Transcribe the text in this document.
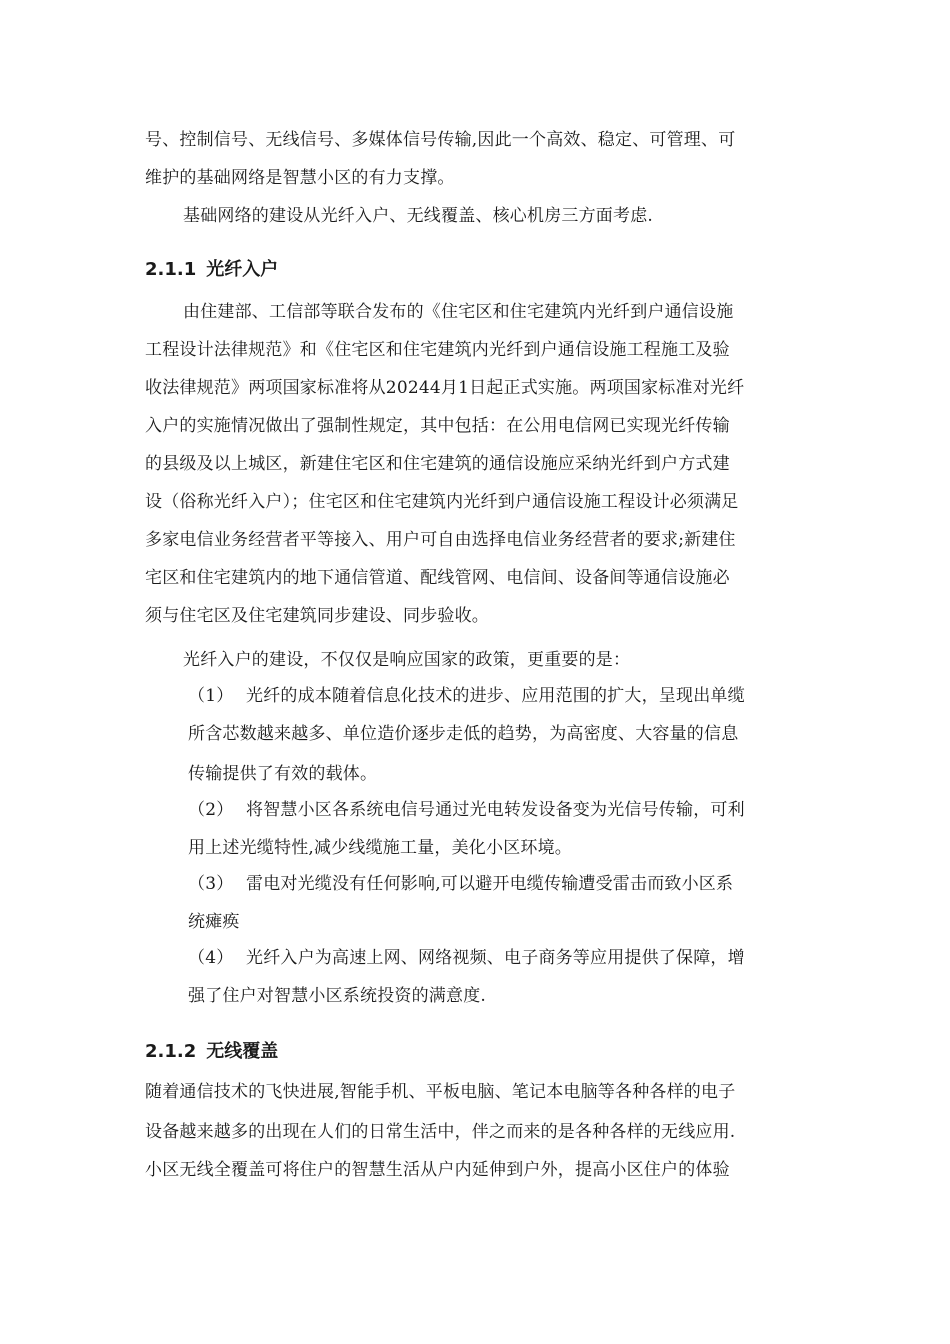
号、控制信号、无线信号、多媒体信号传输,因此一个高效、稳定、可管理、可
维护的基础网络是智慧小区的有力支撑。
基础网络的建设从光纤入户、无线覆盖、核心机房三方面考虑.
2.1.1 光纤入户
由住建部、工信部等联合发布的《住宅区和住宅建筑内光纤到户通信设施
工程设计法律规范》和《住宅区和住宅建筑内光纤到户通信设施工程施工及验
收法律规范》两项国家标准将从20244月1日起正式实施。两项国家标准对光纤
入户的实施情况做出了强制性规定，其中包括：在公用电信网已实现光纤传输
的县级及以上城区，新建住宅区和住宅建筑的通信设施应采纳光纤到户方式建
设（俗称光纤入户）；住宅区和住宅建筑内光纤到户通信设施工程设计必须满足
多家电信业务经营者平等接入、用户可自由选择电信业务经营者的要求;新建住
宅区和住宅建筑内的地下通信管道、配线管网、电信间、设备间等通信设施必
须与住宅区及住宅建筑同步建设、同步验收。
光纤入户的建设，不仅仅是响应国家的政策，更重要的是：
（1） 光纤的成本随着信息化技术的进步、应用范围的扩大，呈现出单缆
所含芯数越来越多、单位造价逐步走低的趋势，为高密度、大容量的信息
传输提供了有效的载体。
（2） 将智慧小区各系统电信号通过光电转发设备变为光信号传输，可利
用上述光缆特性,减少线缆施工量，美化小区环境。
（3） 雷电对光缆没有任何影响,可以避开电缆传输遭受雷击而致小区系
统瘫痪
（4） 光纤入户为高速上网、网络视频、电子商务等应用提供了保障，增
强了住户对智慧小区系统投资的满意度.
2.1.2 无线覆盖
随着通信技术的飞快进展,智能手机、平板电脑、笔记本电脑等各种各样的电子
设备越来越多的出现在人们的日常生活中，伴之而来的是各种各样的无线应用.
小区无线全覆盖可将住户的智慧生活从户内延伸到户外，提高小区住户的体验
